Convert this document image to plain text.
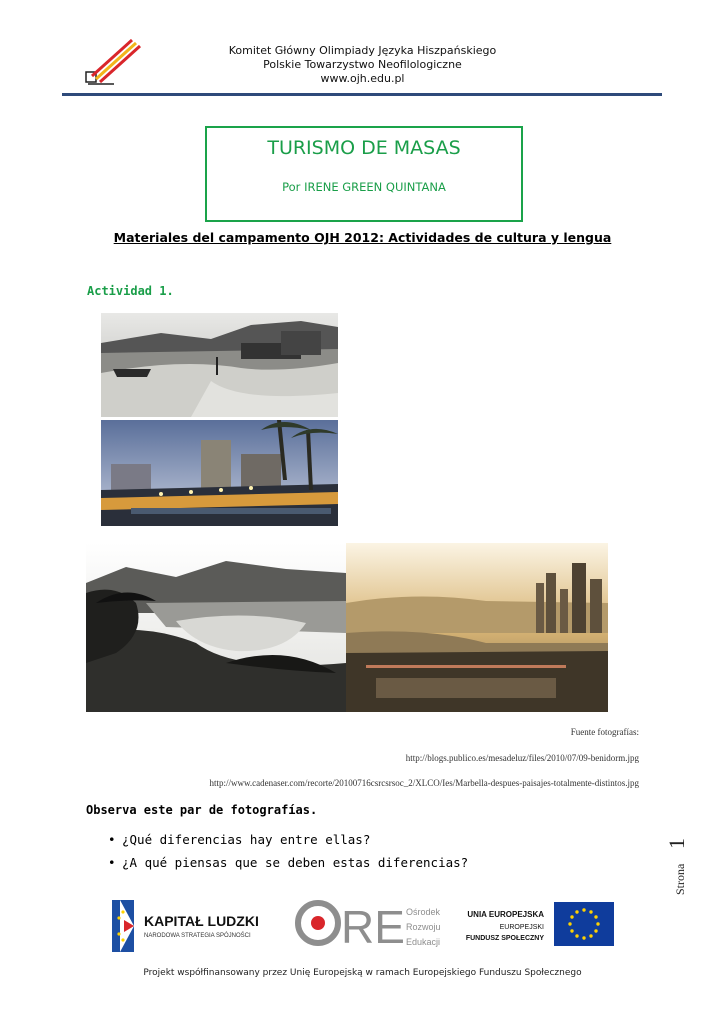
Komitet Główny Olimpiady Języka Hiszpańskiego
Polskie Towarzystwo Neofilologiczne
www.ojh.edu.pl
TURISMO DE MASAS
Por IRENE GREEN QUINTANA
Materiales del campamento OJH 2012: Actividades de cultura y lengua
Actividad 1.
Fuente fotografías:
http://blogs.publico.es/mesadeluz/files/2010/07/09-benidorm.jpg
http://www.cadenaser.com/recorte/20100716csrcsrsoc_2/XLCO/Ies/Marbella-despues-paisajes-totalmente-distintos.jpg
Observa este par de fotografías.
• ¿Qué diferencias hay entre ellas?
• ¿A qué piensas que se deben estas diferencias?
Strona
1
KAPITAŁ LUDZKI
NARODOWA STRATEGIA SPÓJNOŚCI RE Ośrodek
Rozwoju
Edukacji
UNIA EUROPEJSKA
EUROPEJSKI
FUNDUSZ SPOŁECZNY
Projekt współfinansowany przez Unię Europejską w ramach Europejskiego Funduszu Społecznego
